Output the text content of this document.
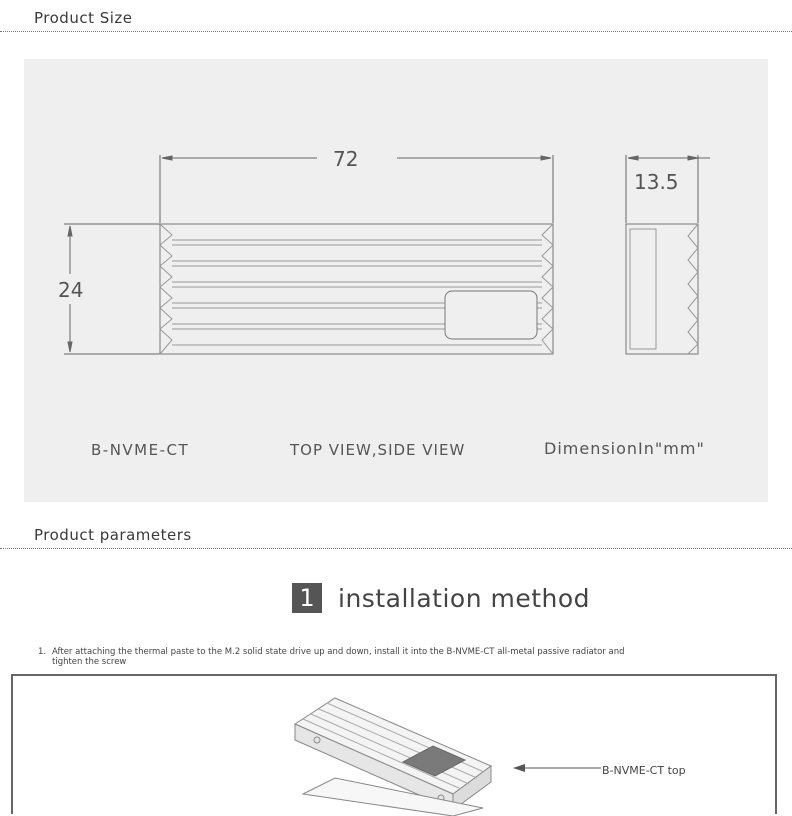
Product Size
72
24
13.5
B-NVME-CT	TOP VIEW,SIDE VIEW	DimensionIn"mm"
Product parameters
1 installation method
1. After attaching the thermal paste to the M.2 solid state drive up and down, install it into the B-NVME-CT all-metal passive radiator and
tighten the screw
B-NVME-CT top
